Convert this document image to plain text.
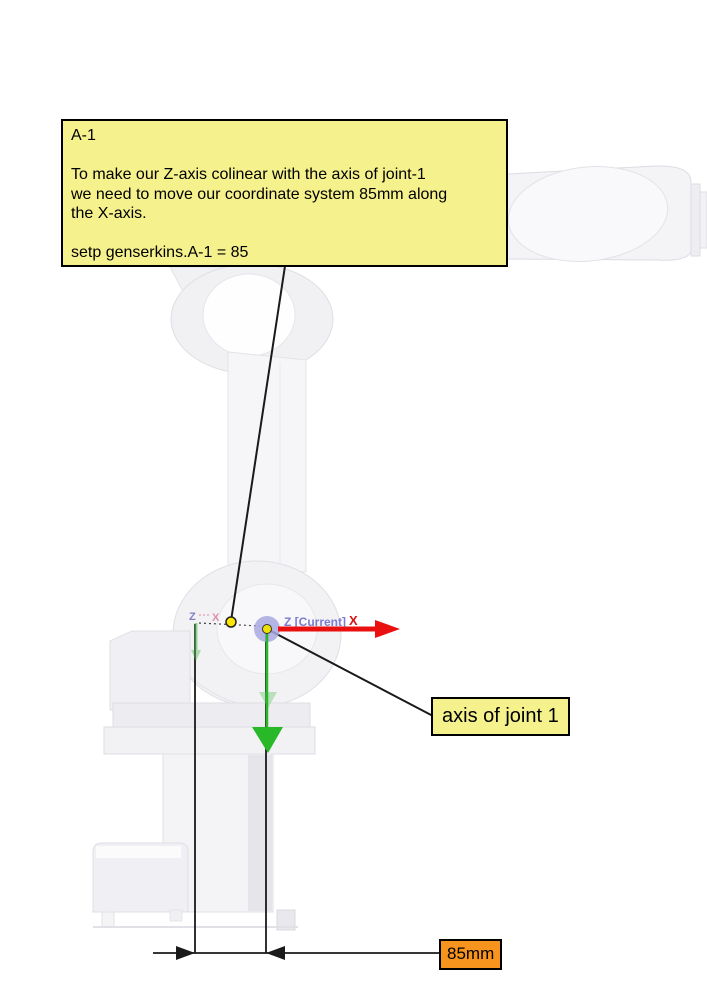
Z X	Z [Current] X
A-1
To make our Z-axis colinear with the axis of joint-1
we need to move our coordinate system 85mm along
the X-axis.
setp genserkins.A-1 = 85
axis of joint 1
85mm
